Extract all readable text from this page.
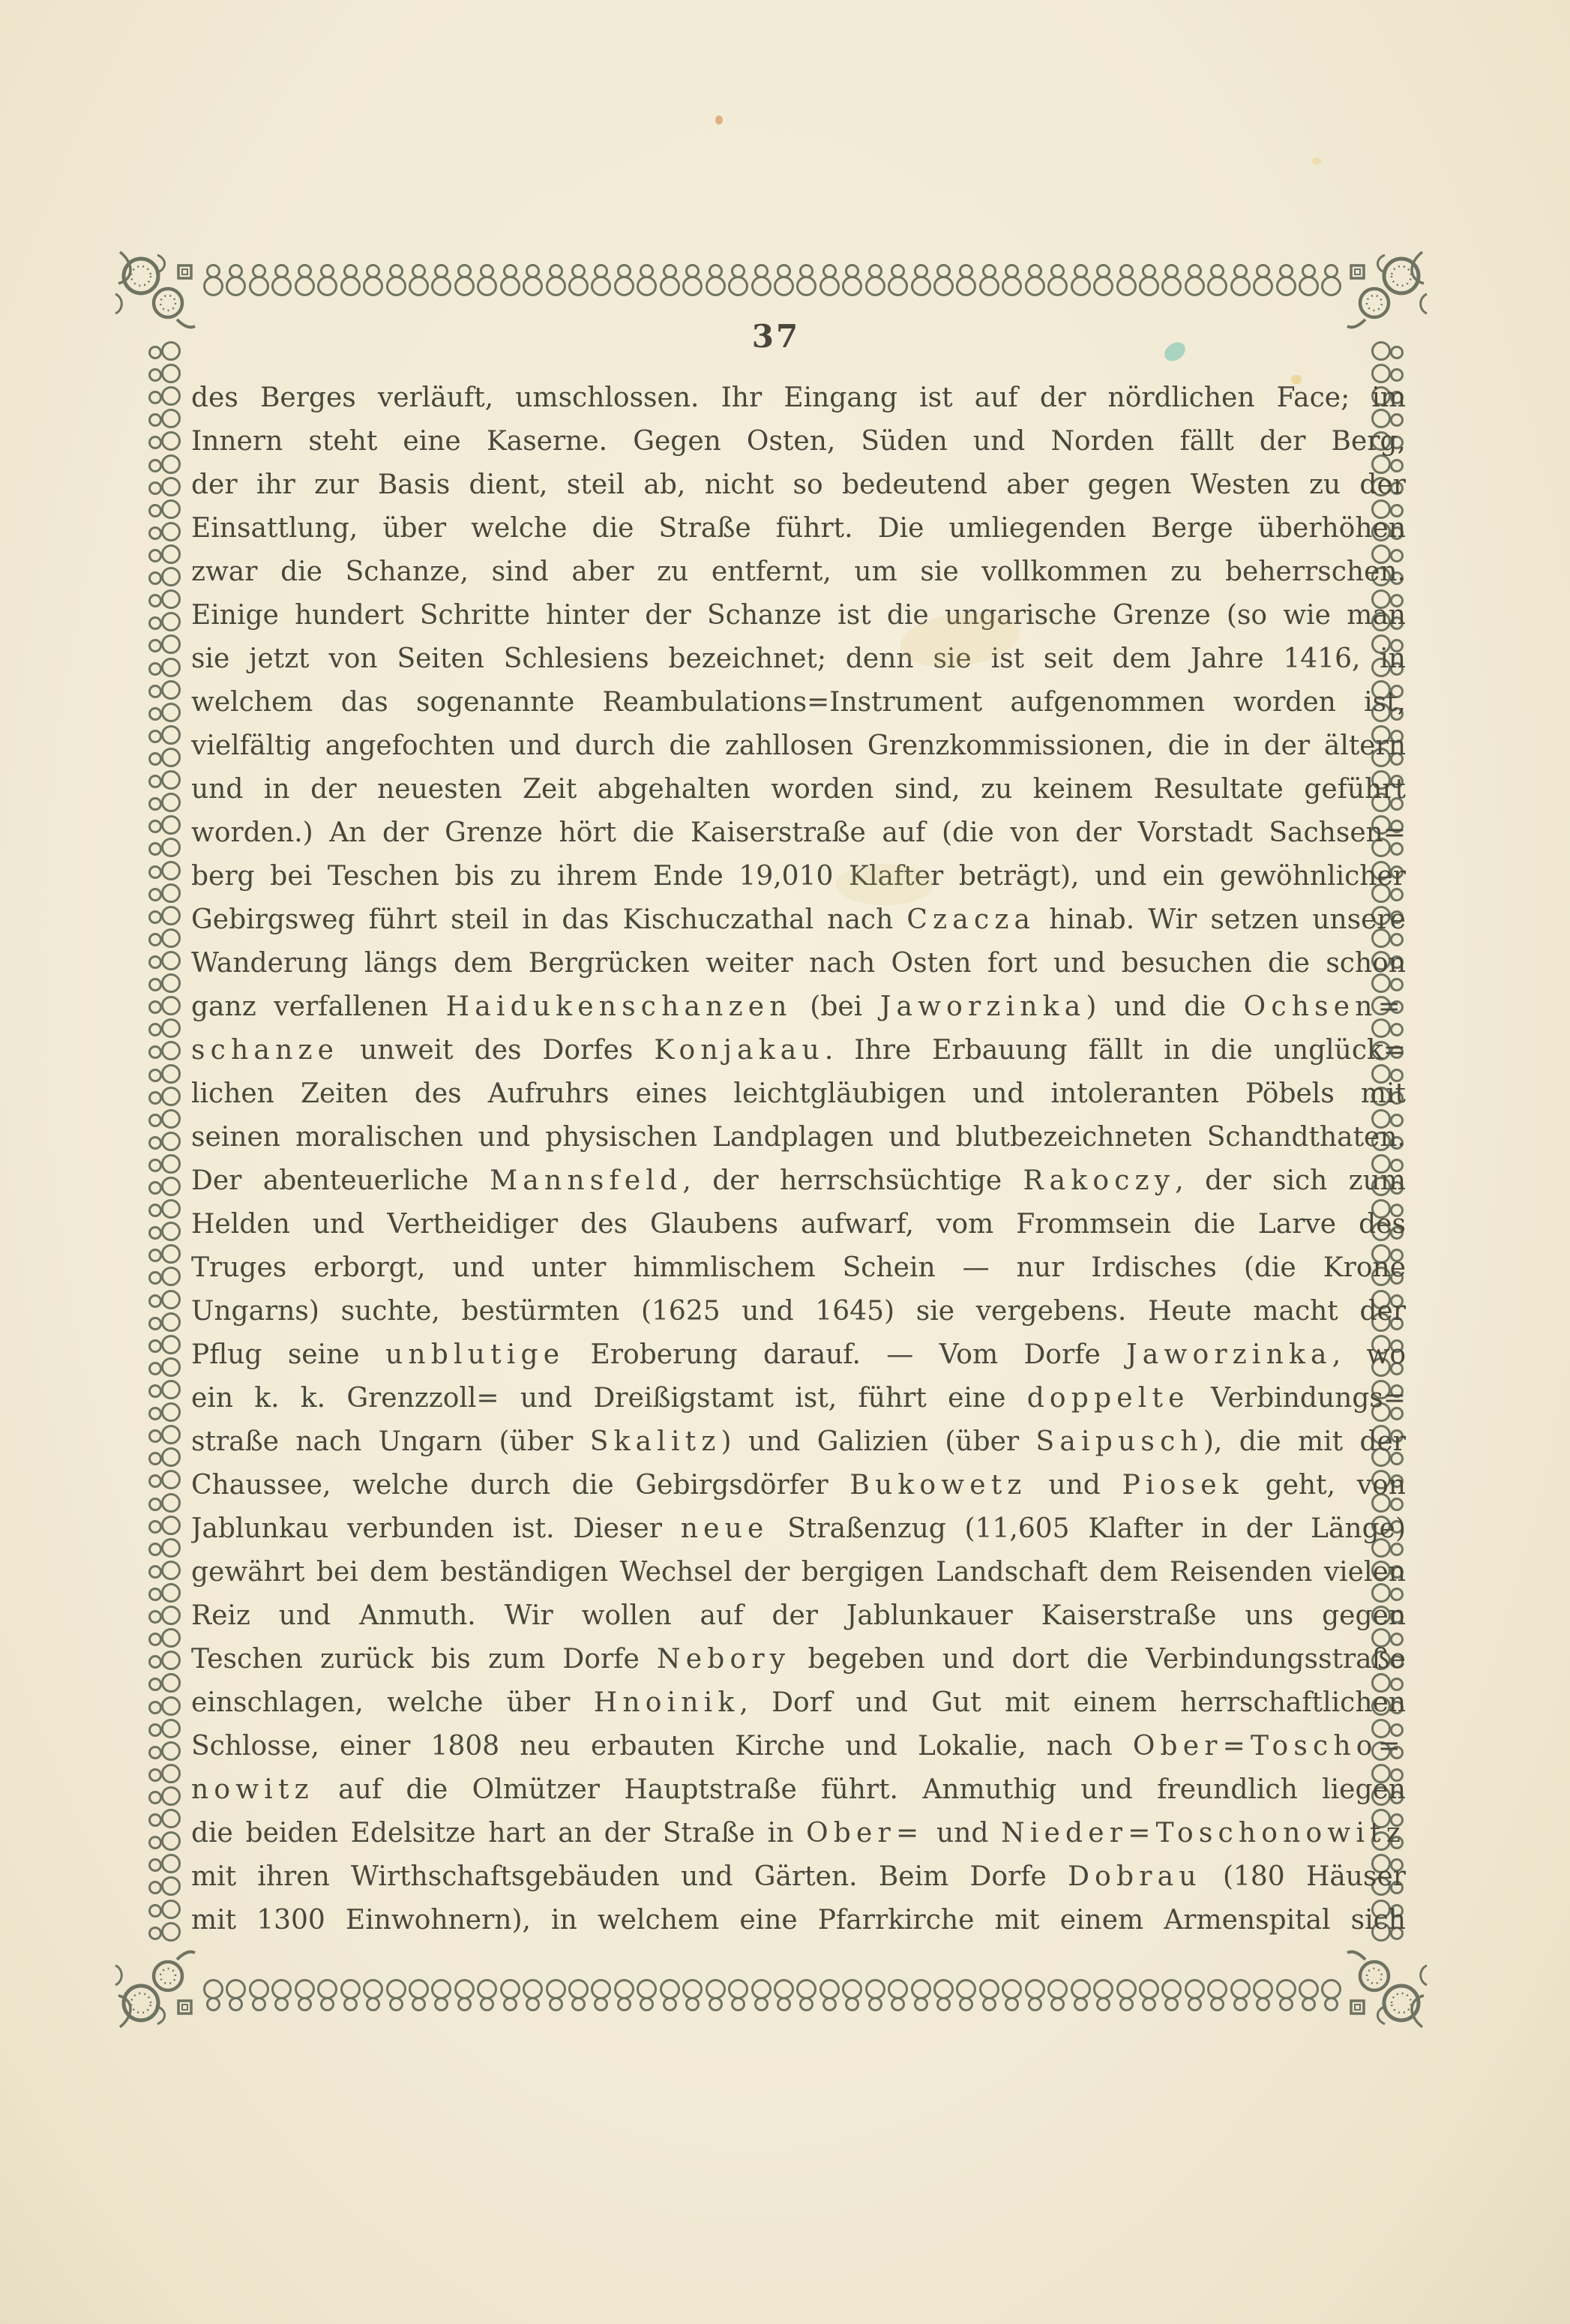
37
des Berges verläuft, umschlossen. Ihr Eingang ist auf der nördlichen Face; im
Innern steht eine Kaserne. Gegen Osten, Süden und Norden fällt der Berg,
der ihr zur Basis dient, steil ab, nicht so bedeutend aber gegen Westen zu der
Einsattlung, über welche die Straße führt. Die umliegenden Berge überhöhen
zwar die Schanze, sind aber zu entfernt, um sie vollkommen zu beherrschen.
Einige hundert Schritte hinter der Schanze ist die ungarische Grenze (so wie man
sie jetzt von Seiten Schlesiens bezeichnet; denn sie ist seit dem Jahre 1416, in
welchem das sogenannte Reambulations=Instrument aufgenommen worden ist,
vielfältig angefochten und durch die zahllosen Grenzkommissionen, die in der ältern
und in der neuesten Zeit abgehalten worden sind, zu keinem Resultate geführt
worden.) An der Grenze hört die Kaiserstraße auf (die von der Vorstadt Sachsen=
berg bei Teschen bis zu ihrem Ende 19,010 Klafter beträgt), und ein gewöhnlicher
Gebirgsweg führt steil in das Kischuczathal nach Czacza hinab. Wir setzen unsere
Wanderung längs dem Bergrücken weiter nach Osten fort und besuchen die schon
ganz verfallenen Haidukenschanzen (bei Jaworzinka) und die Ochsen=
schanze unweit des Dorfes Konjakau. Ihre Erbauung fällt in die unglück=
lichen Zeiten des Aufruhrs eines leichtgläubigen und intoleranten Pöbels mit
seinen moralischen und physischen Landplagen und blutbezeichneten Schandthaten.
Der abenteuerliche Mannsfeld, der herrschsüchtige Rakoczy, der sich zum
Helden und Vertheidiger des Glaubens aufwarf, vom Frommsein die Larve des
Truges erborgt, und unter himmlischem Schein — nur Irdisches (die Krone
Ungarns) suchte, bestürmten (1625 und 1645) sie vergebens. Heute macht der
Pflug seine unblutige Eroberung darauf. — Vom Dorfe Jaworzinka, wo
ein k. k. Grenzzoll= und Dreißigstamt ist, führt eine doppelte Verbindungs=
straße nach Ungarn (über Skalitz) und Galizien (über Saipusch), die mit der
Chaussee, welche durch die Gebirgsdörfer Bukowetz und Piosek geht, von
Jablunkau verbunden ist. Dieser neue Straßenzug (11,605 Klafter in der Länge)
gewährt bei dem beständigen Wechsel der bergigen Landschaft dem Reisenden vielen
Reiz und Anmuth. Wir wollen auf der Jablunkauer Kaiserstraße uns gegen
Teschen zurück bis zum Dorfe Nebory begeben und dort die Verbindungsstraße
einschlagen, welche über Hnoinik, Dorf und Gut mit einem herrschaftlichen
Schlosse, einer 1808 neu erbauten Kirche und Lokalie, nach Ober=Toscho=
nowitz auf die Olmützer Hauptstraße führt. Anmuthig und freundlich liegen
die beiden Edelsitze hart an der Straße in Ober= und Nieder=Toschonowitz
mit ihren Wirthschaftsgebäuden und Gärten. Beim Dorfe Dobrau (180 Häuser
mit 1300 Einwohnern), in welchem eine Pfarrkirche mit einem Armenspital sich
